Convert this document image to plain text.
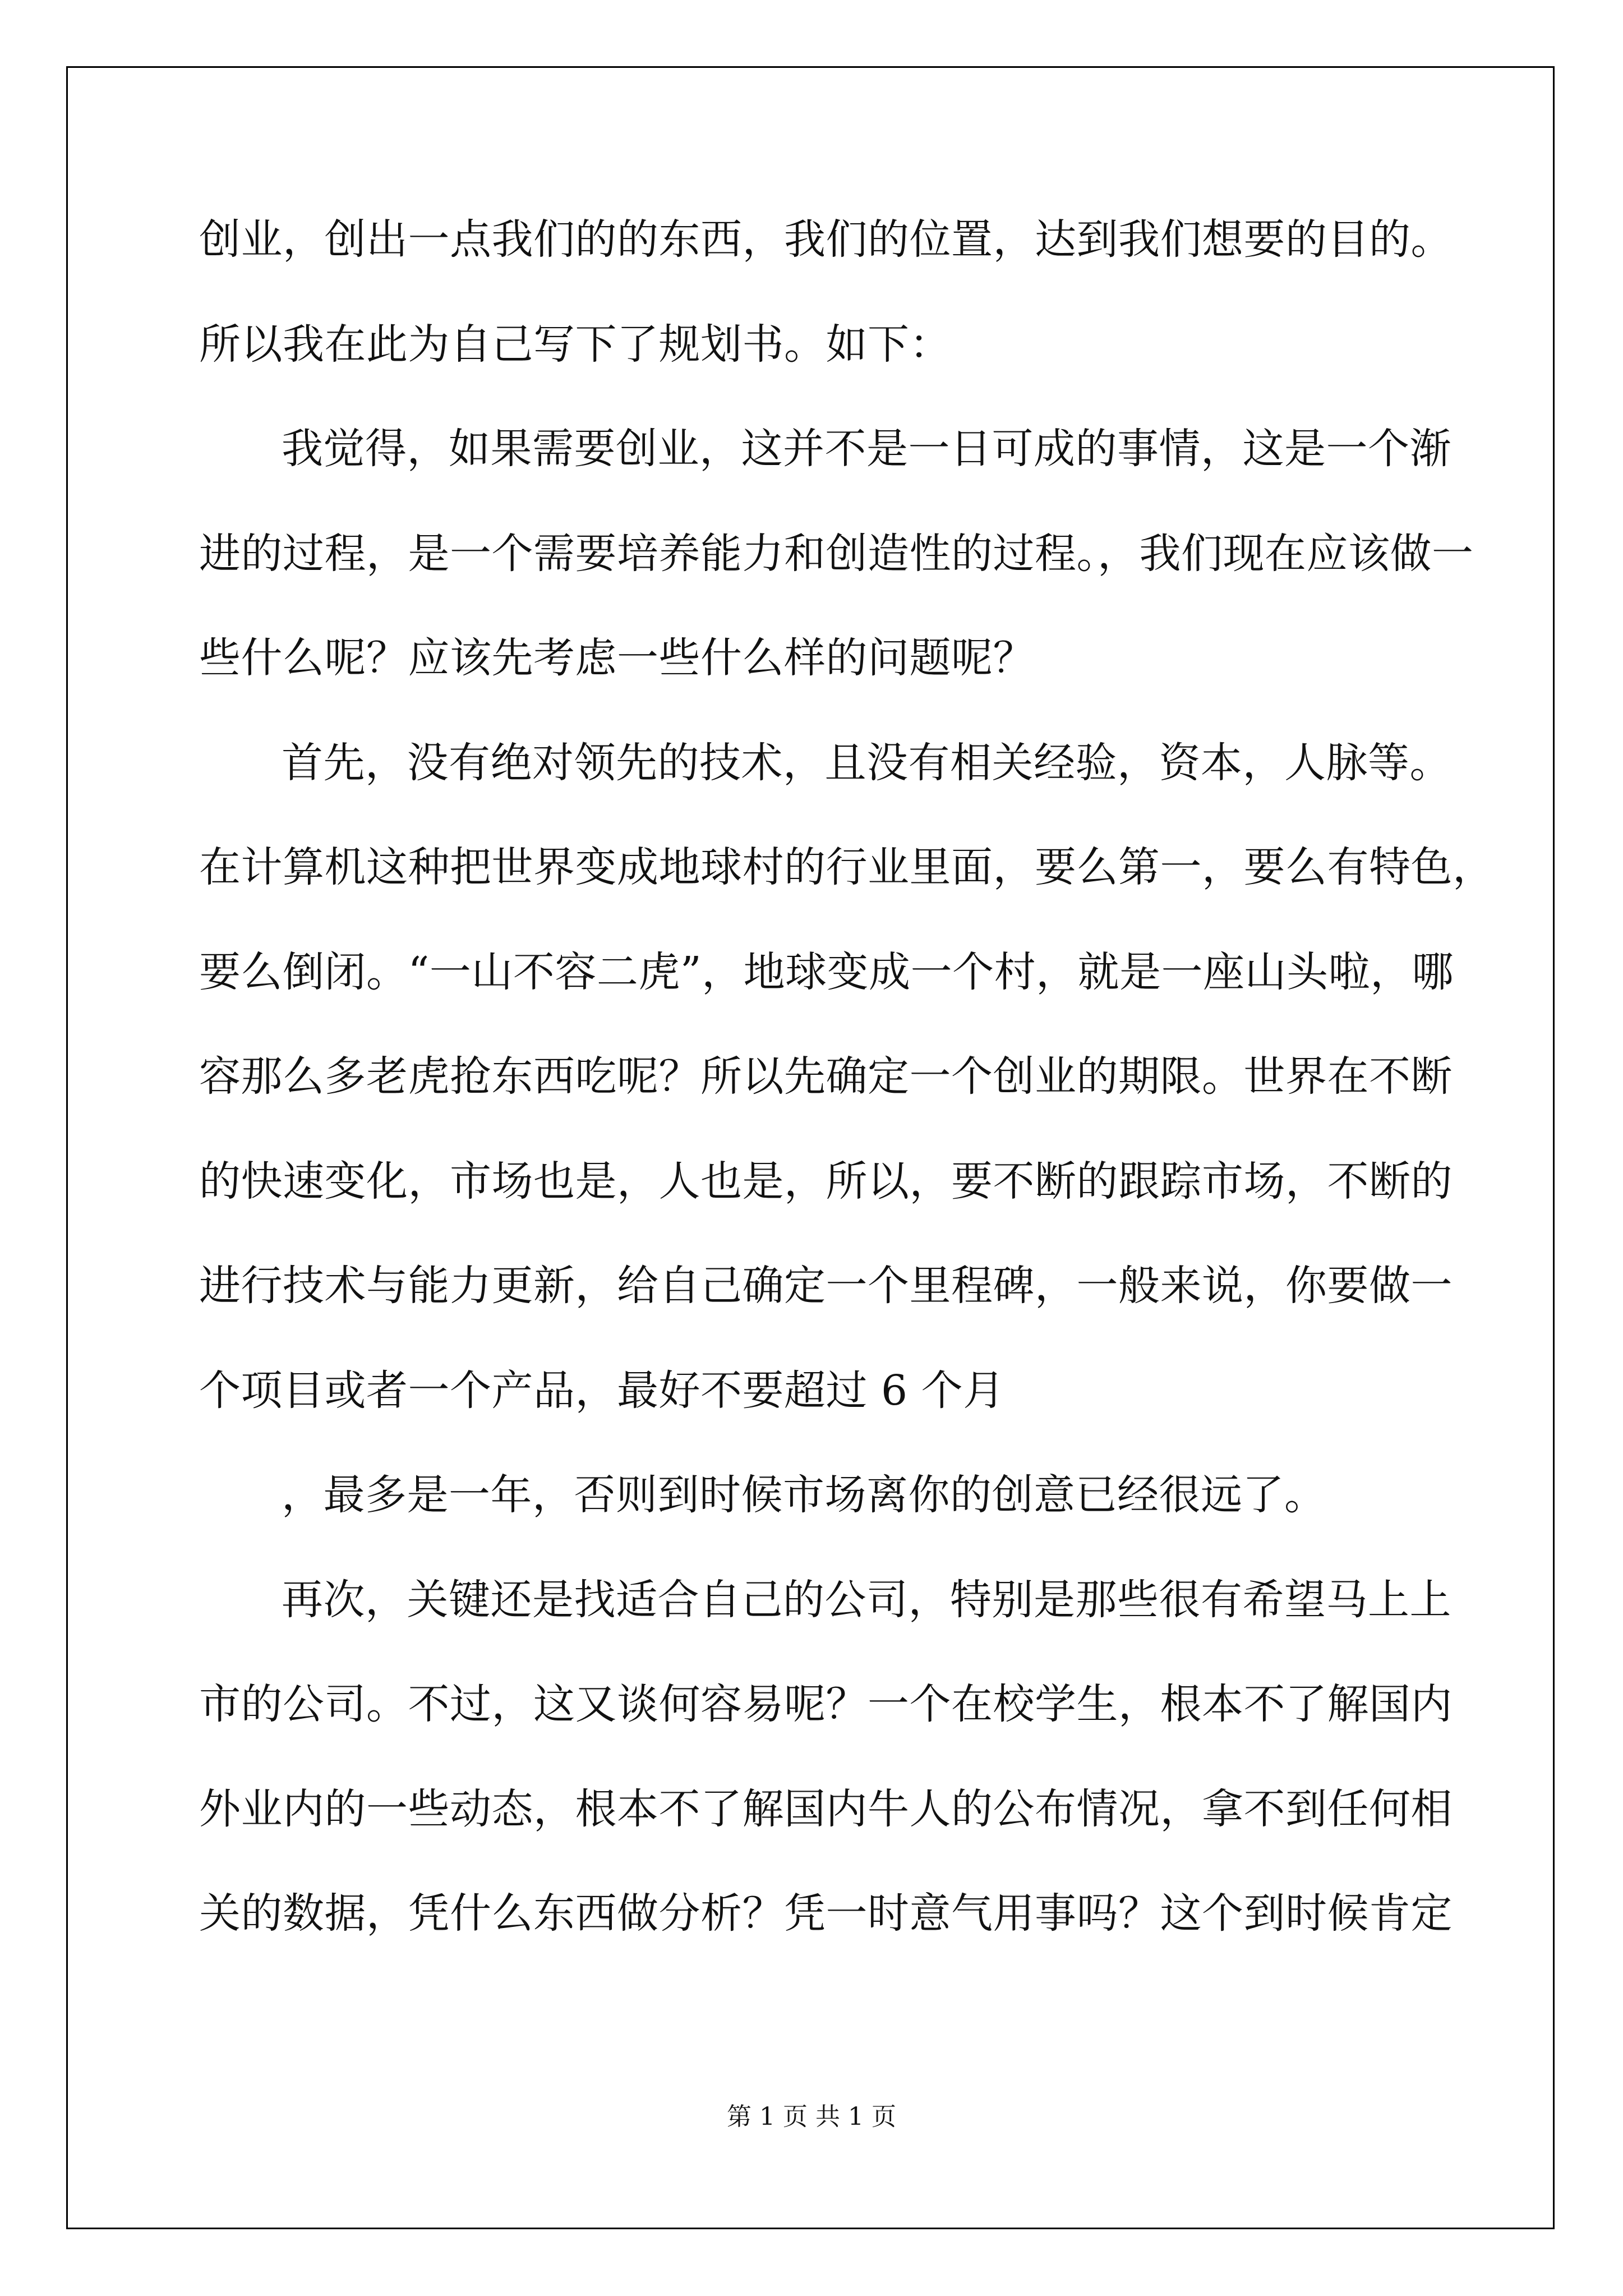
创业，创出一点我们的的东西，我们的位置，达到我们想要的目的。
所以我在此为自己写下了规划书。如下：
我觉得，如果需要创业，这并不是一日可成的事情，这是一个渐
进的过程，是一个需要培养能力和创造性的过程。，我们现在应该做一
些什么呢？应该先考虑一些什么样的问题呢？
首先，没有绝对领先的技术，且没有相关经验，资本，人脉等。
在计算机这种把世界变成地球村的行业里面，要么第一，要么有特色，
要么倒闭。“一山不容二虎”，地球变成一个村，就是一座山头啦，哪
容那么多老虎抢东西吃呢？所以先确定一个创业的期限。世界在不断
的快速变化，市场也是，人也是，所以，要不断的跟踪市场，不断的
进行技术与能力更新，给自己确定一个里程碑，一般来说，你要做一
个项目或者一个产品，最好不要超过 6 个月
，最多是一年，否则到时候市场离你的创意已经很远了。
再次，关键还是找适合自己的公司，特别是那些很有希望马上上
市的公司。不过，这又谈何容易呢？一个在校学生，根本不了解国内
外业内的一些动态，根本不了解国内牛人的公布情况，拿不到任何相
关的数据，凭什么东西做分析？凭一时意气用事吗？这个到时候肯定
第 1 页 共 1 页
